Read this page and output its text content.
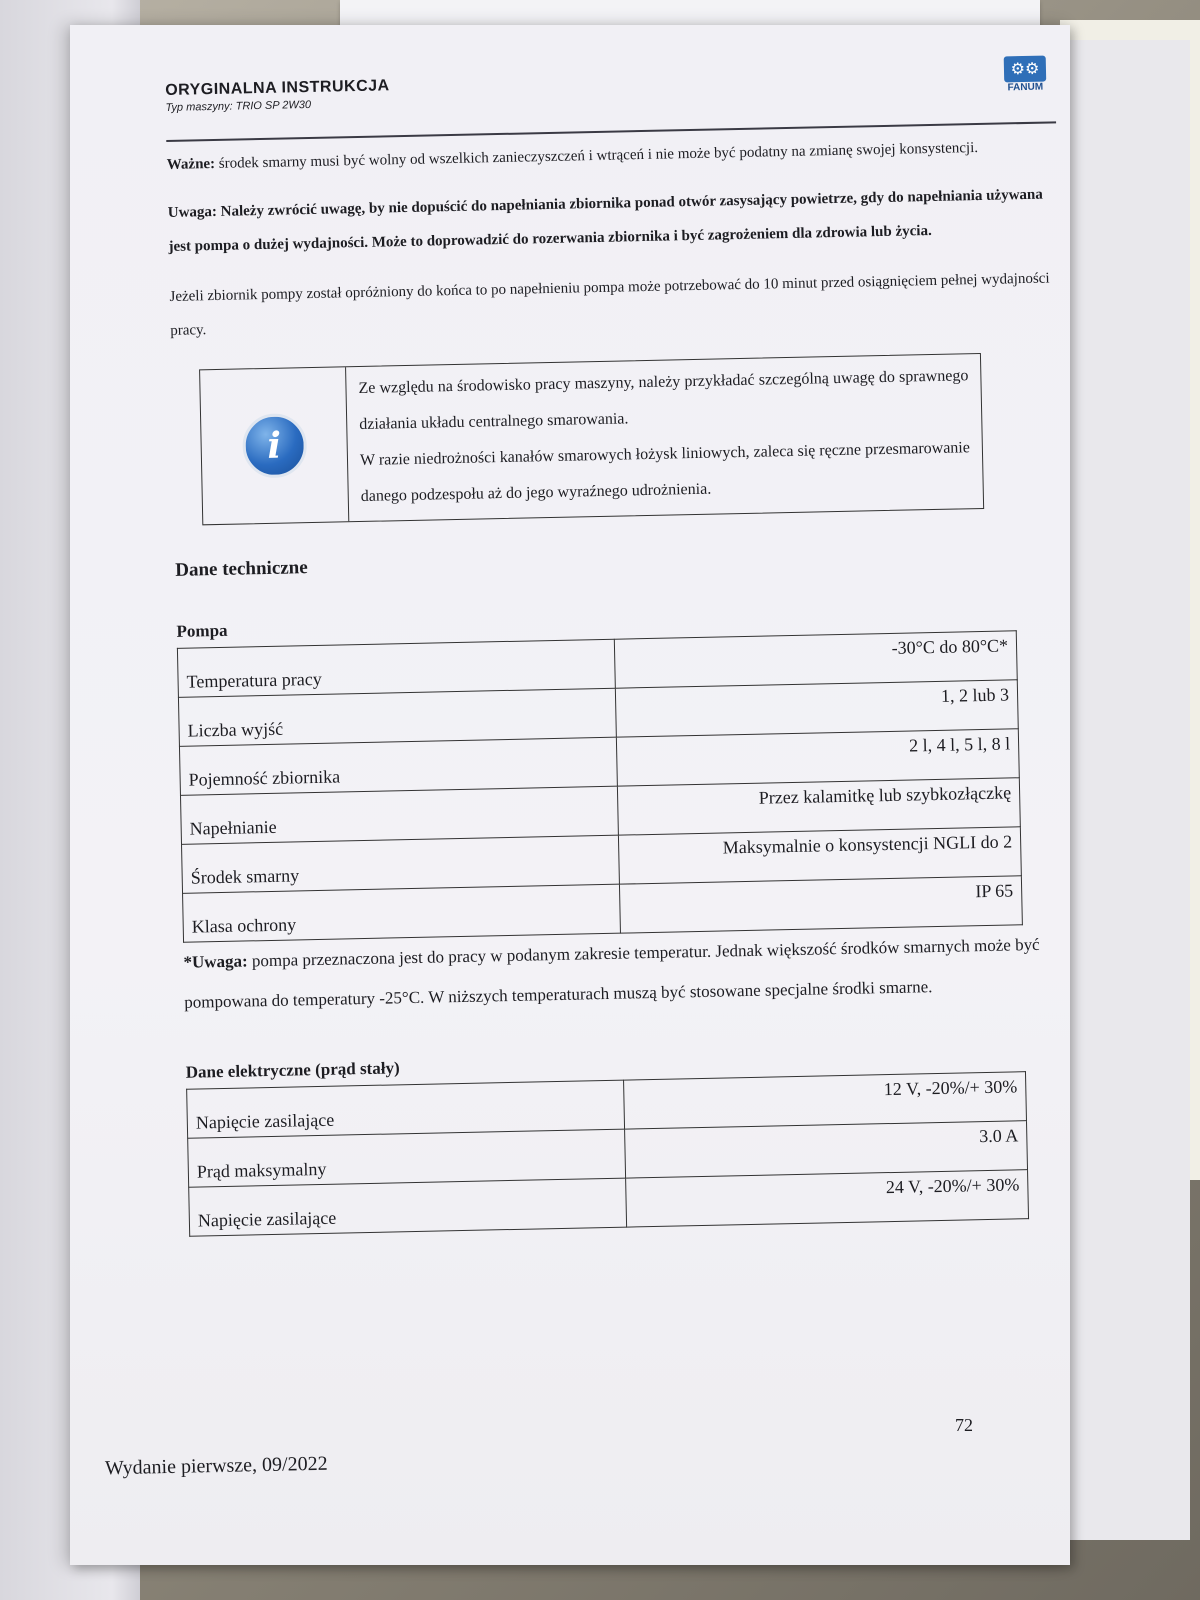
ORYGINALNA INSTRUKCJA
Typ maszyny: TRIO SP 2W30
⚙⚙
FANUM

Ważne: środek smarny musi być wolny od wszelkich zanieczyszczeń i wtrąceń i nie może być podatny na zmianę swojej konsystencji.

Uwaga: Należy zwrócić uwagę, by nie dopuścić do napełniania zbiornika ponad otwór zasysający powietrze, gdy do napełniania używana jest pompa o dużej wydajności. Może to doprowadzić do rozerwania zbiornika i być zagrożeniem dla zdrowia lub życia.

Jeżeli zbiornik pompy został opróżniony do końca to po napełnieniu pompa może potrzebować do 10 minut przed osiągnięciem pełnej wydajności pracy.

i

Ze względu na środowisko pracy maszyny, należy przykładać szczególną uwagę do sprawnego działania układu centralnego smarowania.

W razie niedrożności kanałów smarowych łożysk liniowych, zaleca się ręczne przesmarowanie danego podzespołu aż do jego wyraźnego udrożnienia.

Dane techniczne
Pompa
Temperatura pracy	-30°C do 80°C*
Liczba wyjść	1, 2 lub 3
Pojemność zbiornika	2 l, 4 l, 5 l, 8 l
Napełnianie	Przez kalamitkę lub szybkozłączkę
Środek smarny	Maksymalnie o konsystencji NGLI do 2
Klasa ochrony	IP 65

*Uwaga: pompa przeznaczona jest do pracy w podanym zakresie temperatur. Jednak większość środków smarnych może być pompowana do temperatury -25°C. W niższych temperaturach muszą być stosowane specjalne środki smarne.

Dane elektryczne (prąd stały)
Napięcie zasilające	12 V, -20%/+ 30%
Prąd maksymalny	3.0 A
Napięcie zasilające	24 V, -20%/+ 30%
72
Wydanie pierwsze, 09/2022
